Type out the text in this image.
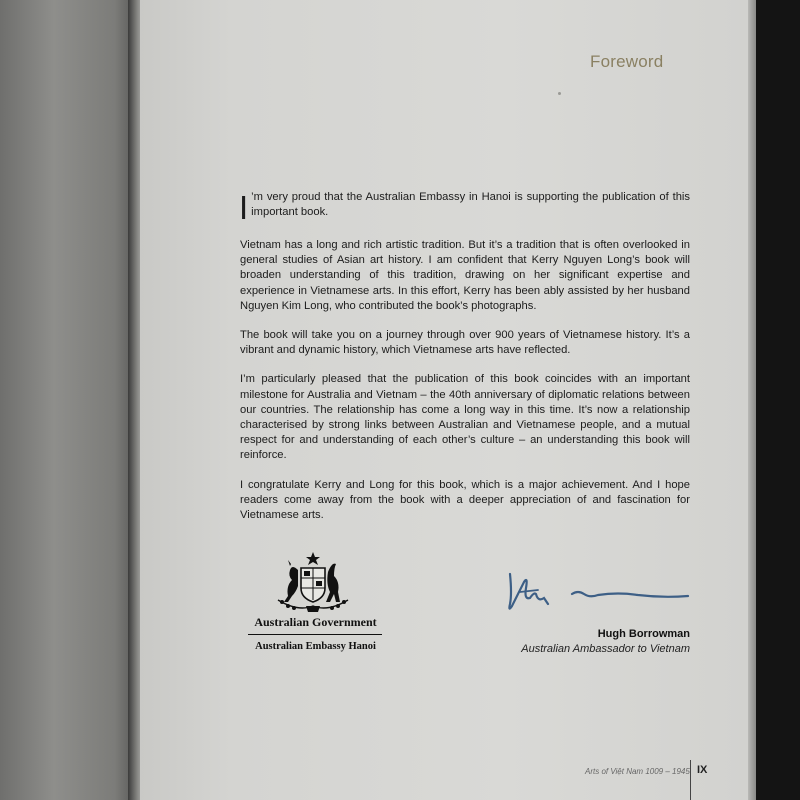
Foreword

I ’m very proud that the Australian Embassy in Hanoi is supporting the publication of this important book.

Vietnam has a long and rich artistic tradition. But it’s a tradition that is often overlooked in general studies of Asian art history. I am confident that Kerry Nguyen Long’s book will broaden understanding of this tradition, drawing on her significant expertise and experience in Vietnamese arts. In this effort, Kerry has been ably assisted by her husband Nguyen Kim Long, who contributed the book’s photographs.

The book will take you on a journey through over 900 years of Vietnamese history. It’s a vibrant and dynamic history, which Vietnamese arts have reflected.

I’m particularly pleased that the publication of this book coincides with an important milestone for Australia and Vietnam – the 40th anniversary of diplomatic relations between our countries. The relationship has come a long way in this time. It’s now a relationship characterised by strong links between Australian and Vietnamese people, and a mutual respect for and understanding of each other’s culture – an understanding this book will reinforce.

I congratulate Kerry and Long for this book, which is a major achievement. And I hope readers come away from the book with a deeper appreciation of and fascination for Vietnamese arts.

Australian Government
Australian Embassy Hanoi
Hugh Borrowman
Australian Ambassador to Vietnam
Arts of Việt Nam 1009 – 1945 IX
